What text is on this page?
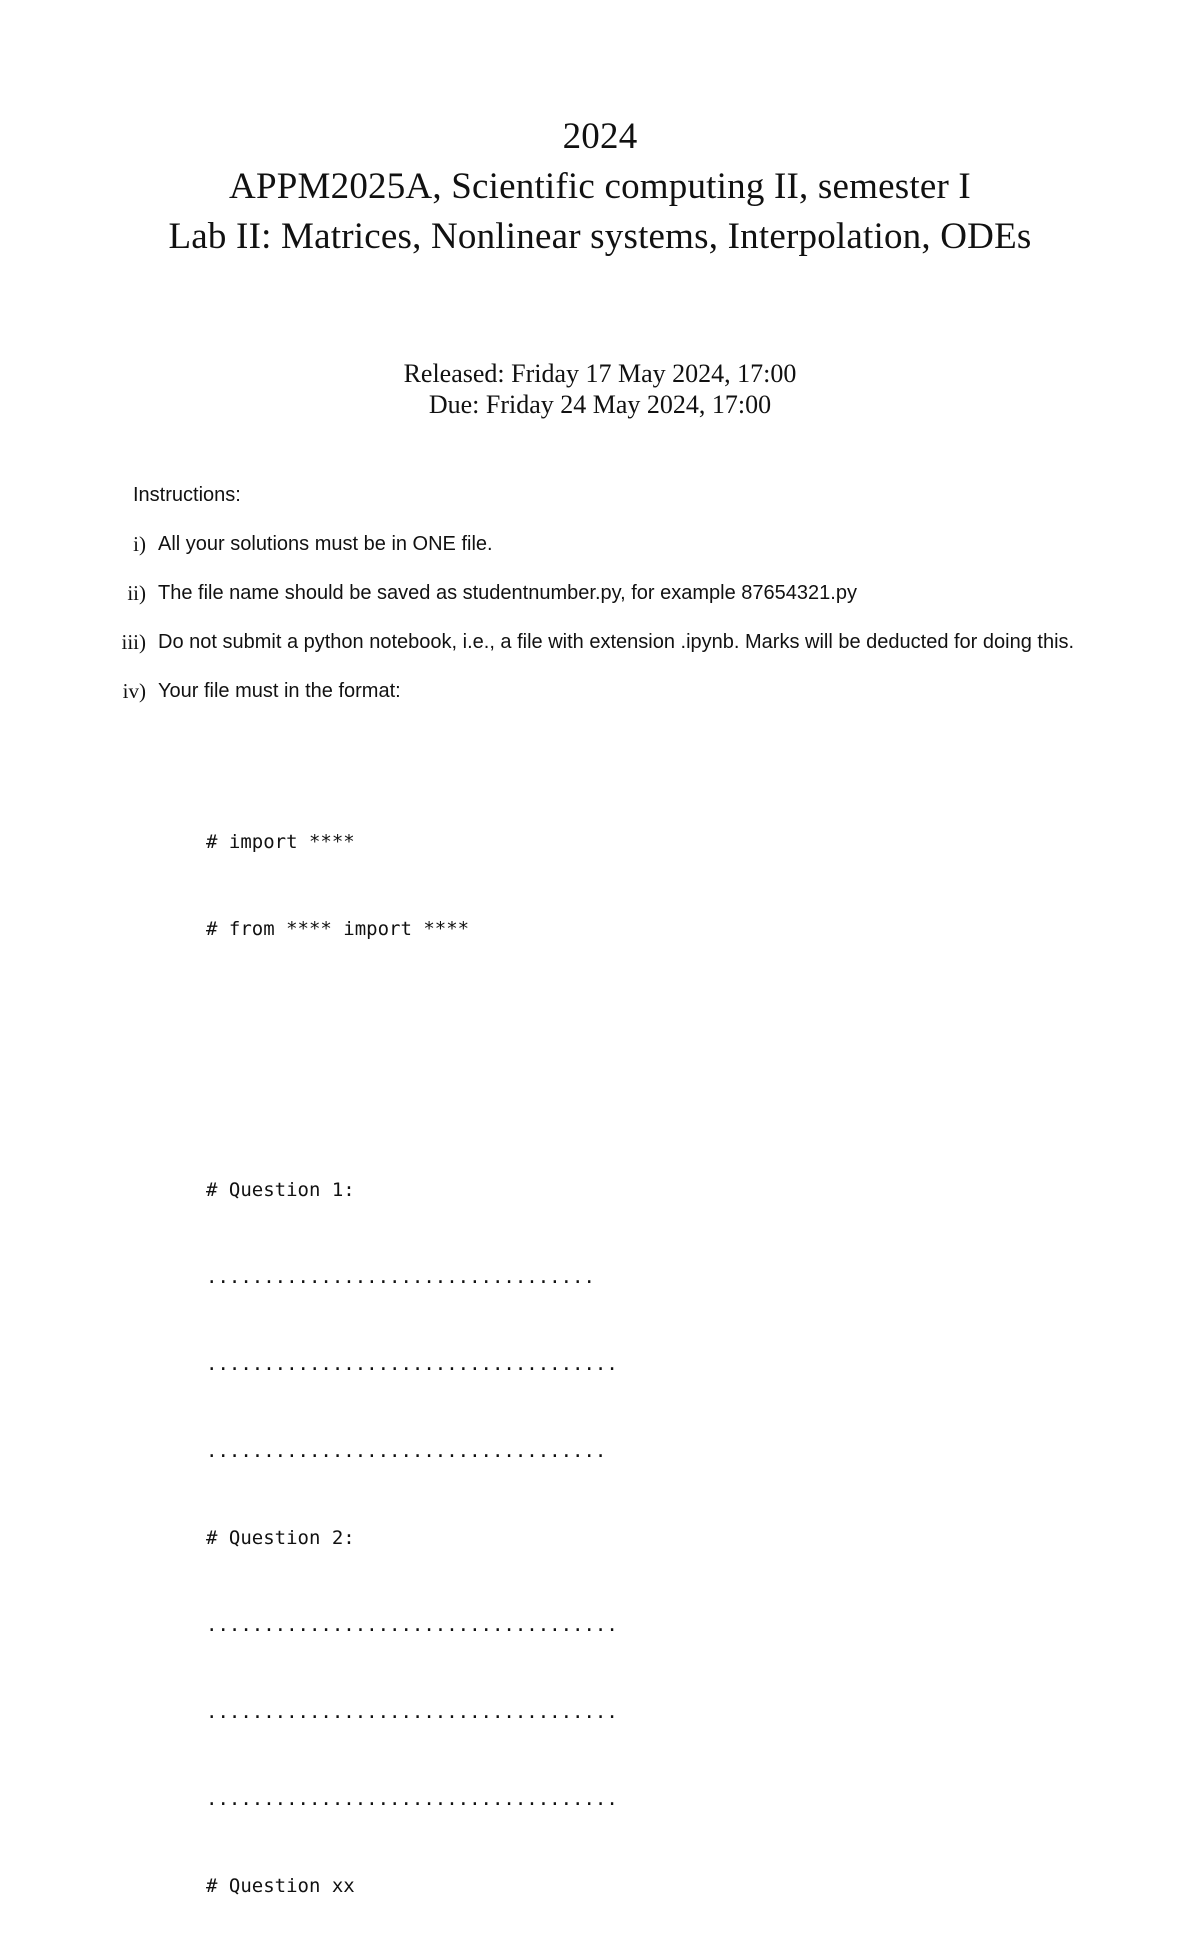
2024
APPM2025A, Scientific computing II, semester I
Lab II: Matrices, Nonlinear systems, Interpolation, ODEs
Released: Friday 17 May 2024, 17:00
Due: Friday 24 May 2024, 17:00
Instructions:
i) All your solutions must be in ONE file.
ii) The file name should be saved as studentnumber.py, for example 87654321.py
iii) Do not submit a python notebook, i.e., a file with extension .ipynb. Marks will be deducted for doing this.
iv) Your file must in the format:

# import ****

# from **** import ****

# Question 1:

..................................

....................................

...................................

# Question 2:

....................................

....................................

....................................

# Question xx
